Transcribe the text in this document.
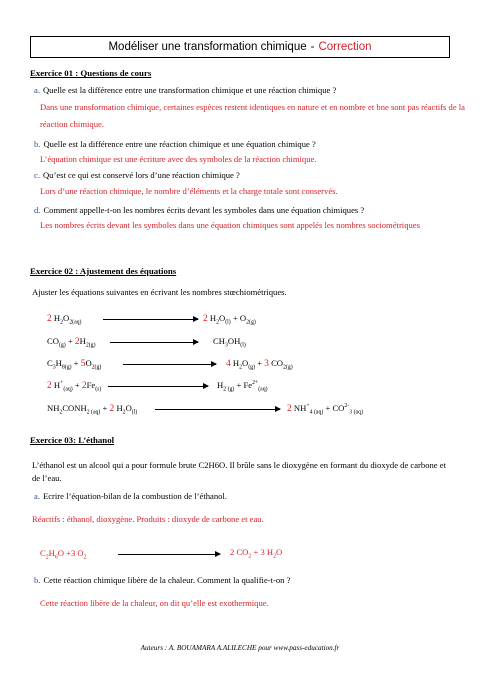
Modéliser une transformation chimique - Correction
Exercice 01 : Questions de cours
a. Quelle est la différence entre une transformation chimique et une réaction chimique ?
Dans une transformation chimique, certaines espèces restent identiques en nature et en nombre et bne sont pas réactifs de la réaction chimique.
b. Quelle est la différence entre une réaction chimique et une équation chimique ?
L’équation chimique est une écriture avec des symboles de la réaction chimique.
c. Qu’est ce qui est conservé lors d’une réaction chimique ?
Lors d’une réaction chimique, le nombre d’éléments et la charge totale sont conservés.
d. Comment appelle-t-on les nombres écrits devant les symboles dans une équation chimiques ?
Les nombres écrits devant les symboles dans une équation chimiques sont appelés les nombres sociométriques
Exercice 02 : Ajustement des équations
Ajuster les équations suivantes en écrivant les nombres stœchiométriques.
2 $H_2O_{2(aq)}$	2 $H_2O_{(l)} + O_{2(g)}$
$CO_{(g)} + 2H_{2(g)}$	$CH_3OH_{(l)}$
$C_3H_{8(g)} + 5O_{2(g)}$	4 $H_2O_{(g)} + 3$ $CO_{2(g)}$
2 $H^+_{(aq)} + 2Fe_{(s)}$	$H_{2 (g)} + Fe^{2+}_{(aq)}$
$NH_2CONH_{2 (aq)} + 2$ $H_2O_{(l)}$	2 $NH^+_{4 (aq)} + CO^{2-}_{3 (aq)}$
Exercice 03: L’éthanol
L’éthanol est un alcool qui a pour formule brute C2H6O. Il brûle sans le dioxygène en formant du dioxyde de carbone et de l’eau.
a. Ecrire l’équation-bilan de la combustion de l’éthanol.
Réactifs : éthanol, dioxygène. Produits : dioxyde de carbone et eau.
$C_2H_6O +3$ $O_2$
2 $CO_2 + 3$ $H_2O$
b. Cette réaction chimique libère de la chaleur. Comment la qualifie-t-on ?
Cette réaction libère de la chaleur, on dit qu’elle est exothermique.
Auteurs : A. BOUAMARA A.ALILECHE pour www.pass-education.fr
